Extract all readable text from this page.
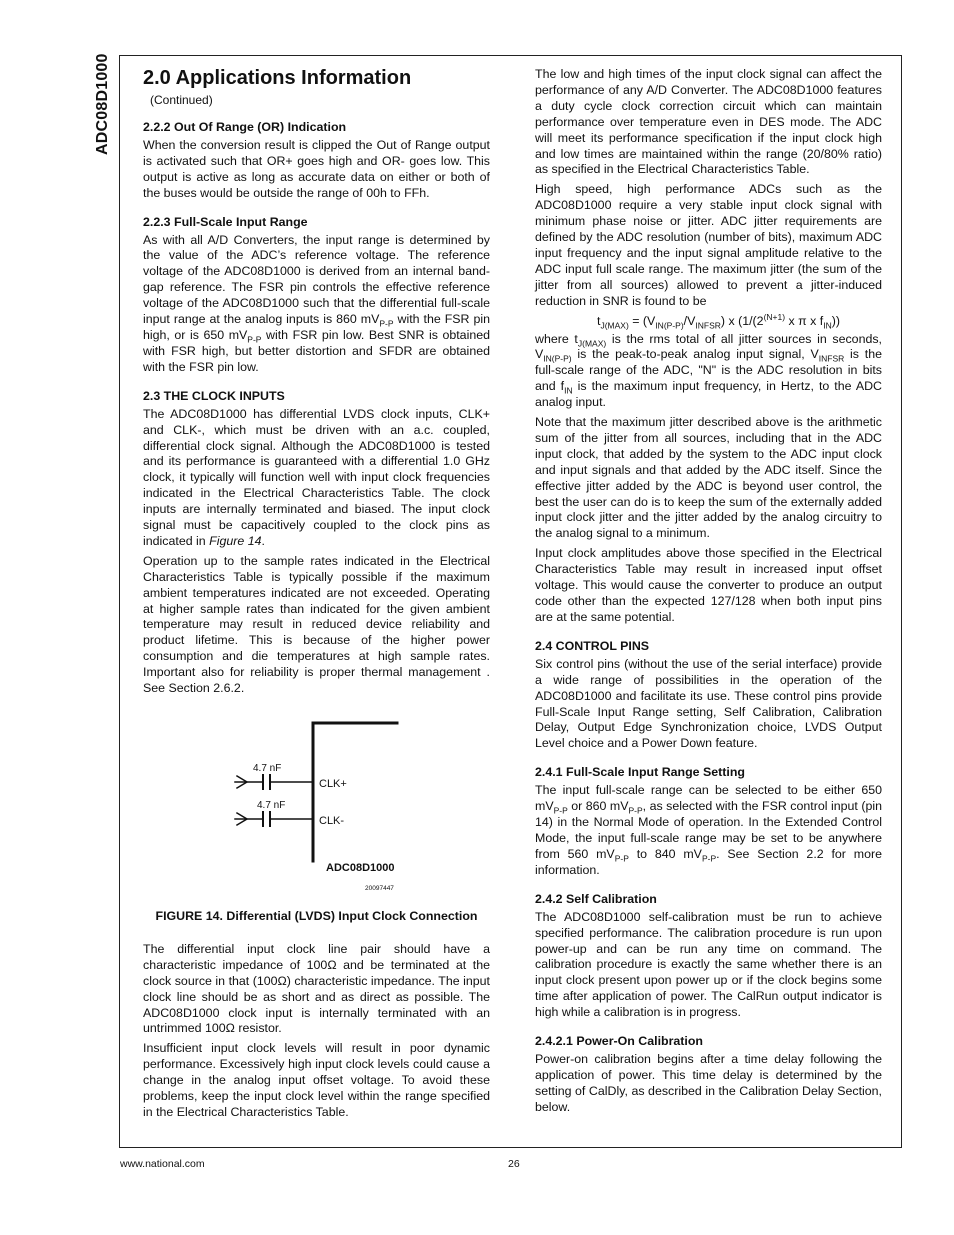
ADC08D1000 2.0 Applications Information

(Continued)

2.2.2 Out Of Range (OR) Indication

When the conversion result is clipped the Out of Range output is activated such that OR+ goes high and OR- goes low. This output is active as long as accurate data on either or both of the buses would be outside the range of 00h to FFh.

2.2.3 Full-Scale Input Range

As with all A/D Converters, the input range is determined by the value of the ADC’s reference voltage. The reference voltage of the ADC08D1000 is derived from an internal band-gap reference. The FSR pin controls the effective reference voltage of the ADC08D1000 such that the differential full-scale input range at the analog inputs is 860 $mV_{P-P}$ with the FSR pin high, or is 650 $mV_{P-P}$ with FSR pin low. Best SNR is obtained with FSR high, but better distortion and SFDR are obtained with the FSR pin low.

2.3 THE CLOCK INPUTS

The ADC08D1000 has differential LVDS clock inputs, CLK+ and CLK-, which must be driven with an a.c. coupled, differential clock signal. Although the ADC08D1000 is tested and its performance is guaranteed with a differential 1.0 GHz clock, it typically will function well with input clock frequencies indicated in the Electrical Characteristics Table. The clock inputs are internally terminated and biased. The input clock signal must be capacitively coupled to the clock pins as indicated in Figure 14.

Operation up to the sample rates indicated in the Electrical Characteristics Table is typically possible if the maximum ambient temperatures indicated are not exceeded. Operating at higher sample rates than indicated for the given ambient temperature may result in reduced device reliability and product lifetime. This is because of the higher power consumption and die temperatures at high sample rates. Important also for reliability is proper thermal management . See Section 2.6.2.

4.7 nF
4.7 nF
CLK+
CLK-
ADC08D1000
20097447

FIGURE 14. Differential (LVDS) Input Clock Connection

The differential input clock line pair should have a characteristic impedance of 100Ω and be terminated at the clock source in that (100Ω) characteristic impedance. The input clock line should be as short and as direct as possible. The ADC08D1000 clock input is internally terminated with an untrimmed 100Ω resistor.

Insufficient input clock levels will result in poor dynamic performance. Excessively high input clock levels could cause a change in the analog input offset voltage. To avoid these problems, keep the input clock level within the range specified in the Electrical Characteristics Table.

The low and high times of the input clock signal can affect the performance of any A/D Converter. The ADC08D1000 features a duty cycle clock correction circuit which can maintain performance over temperature even in DES mode. The ADC will meet its performance specification if the input clock high and low times are maintained within the range (20/80% ratio) as specified in the Electrical Characteristics Table.

High speed, high performance ADCs such as the ADC08D1000 require a very stable input clock signal with minimum phase noise or jitter. ADC jitter requirements are defined by the ADC resolution (number of bits), maximum ADC input frequency and the input signal amplitude relative to the ADC input full scale range. The maximum jitter (the sum of the jitter from all sources) allowed to prevent a jitter-induced reduction in SNR is found to be

$t_{J(MAX)} = (V_{IN(P-P)}/V_{INFSR})$ x ($1/(2^{(N+1)}$ x π x $f_{IN}$))

where $t_{J(MAX)}$ is the rms total of all jitter sources in seconds, $V_{IN(P-P)}$ is the peak-to-peak analog input signal, $V_{INFSR}$ is the full-scale range of the ADC, "N" is the ADC resolution in bits and $f_{IN}$ is the maximum input frequency, in Hertz, to the ADC analog input.

Note that the maximum jitter described above is the arithmetic sum of the jitter from all sources, including that in the ADC input clock, that added by the system to the ADC input clock and input signals and that added by the ADC itself. Since the effective jitter added by the ADC is beyond user control, the best the user can do is to keep the sum of the externally added input clock jitter and the jitter added by the analog circuitry to the analog signal to a minimum.

Input clock amplitudes above those specified in the Electrical Characteristics Table may result in increased input offset voltage. This would cause the converter to produce an output code other than the expected 127/128 when both input pins are at the same potential.

2.4 CONTROL PINS

Six control pins (without the use of the serial interface) provide a wide range of possibilities in the operation of the ADC08D1000 and facilitate its use. These control pins provide Full-Scale Input Range setting, Self Calibration, Calibration Delay, Output Edge Synchronization choice, LVDS Output Level choice and a Power Down feature.

2.4.1 Full-Scale Input Range Setting

The input full-scale range can be selected to be either 650 $mV_{P-P}$ or 860 $mV_{P-P}$, as selected with the FSR control input (pin 14) in the Normal Mode of operation. In the Extended Control Mode, the input full-scale range may be set to be anywhere from 560 $mV_{P-P}$ to 840 $mV_{P-P}$. See Section 2.2 for more information.

2.4.2 Self Calibration

The ADC08D1000 self-calibration must be run to achieve specified performance. The calibration procedure is run upon power-up and can be run any time on command. The calibration procedure is exactly the same whether there is an input clock present upon power up or if the clock begins some time after application of power. The CalRun output indicator is high while a calibration is in progress.

2.4.2.1 Power-On Calibration

Power-on calibration begins after a time delay following the application of power. This time delay is determined by the setting of CalDly, as described in the Calibration Delay Section, below.

www.national.com	26
